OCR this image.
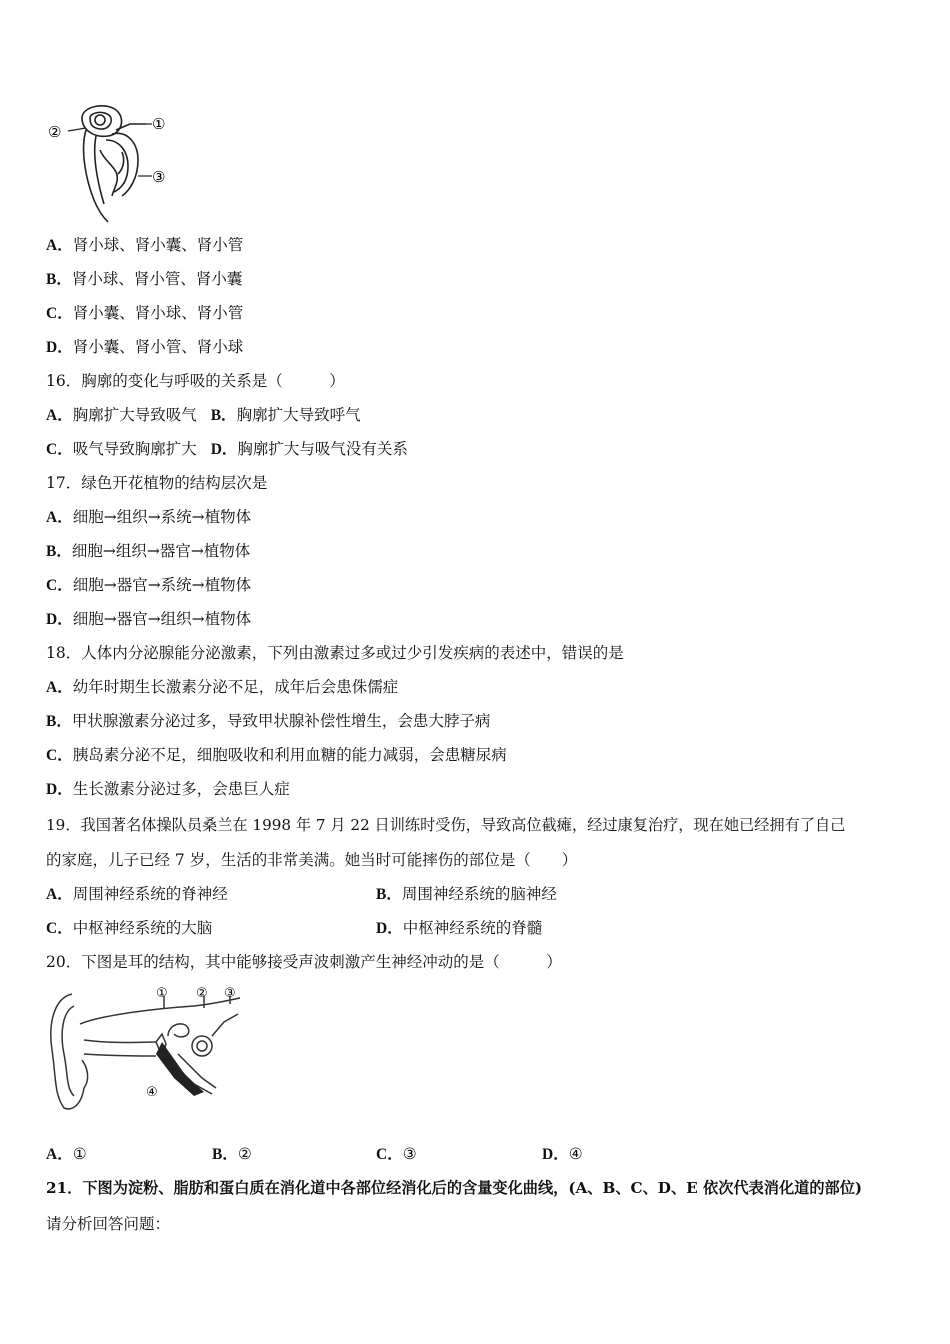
②	①
③
A．肾小球、肾小囊、肾小管
B．肾小球、肾小管、肾小囊
C．肾小囊、肾小球、肾小管
D．肾小囊、肾小管、肾小球
16．胸廓的变化与呼吸的关系是（　　　）
A．胸廓扩大导致吸气 B．胸廓扩大导致呼气
C．吸气导致胸廓扩大 D．胸廓扩大与吸气没有关系
17．绿色开花植物的结构层次是
A．细胞→组织→系统→植物体
B．细胞→组织→器官→植物体
C．细胞→器官→系统→植物体
D．细胞→器官→组织→植物体
18．人体内分泌腺能分泌激素，下列由激素过多或过少引发疾病的表述中，错误的是
A．幼年时期生长激素分泌不足，成年后会患侏儒症
B．甲状腺激素分泌过多，导致甲状腺补偿性增生，会患大脖子病
C．胰岛素分泌不足，细胞吸收和利用血糖的能力减弱，会患糖尿病
D．生长激素分泌过多，会患巨人症
19．我国著名体操队员桑兰在 1998 年 7 月 22 日训练时受伤，导致高位截瘫，经过康复治疗，现在她已经拥有了自己
的家庭，儿子已经 7 岁，生活的非常美满。她当时可能摔伤的部位是（　　）
A．周围神经系统的脊神经	B．周围神经系统的脑神经
C．中枢神经系统的大脑	D．中枢神经系统的脊髓
20．下图是耳的结构，其中能够接受声波刺激产生神经冲动的是（　　　）
① ② ③
④
A．①	B．②	C．③	D．④
21．下图为淀粉、脂肪和蛋白质在消化道中各部位经消化后的含量变化曲线，(A、B、C、D、E 依次代表消化道的部位)
请分析回答问题：
